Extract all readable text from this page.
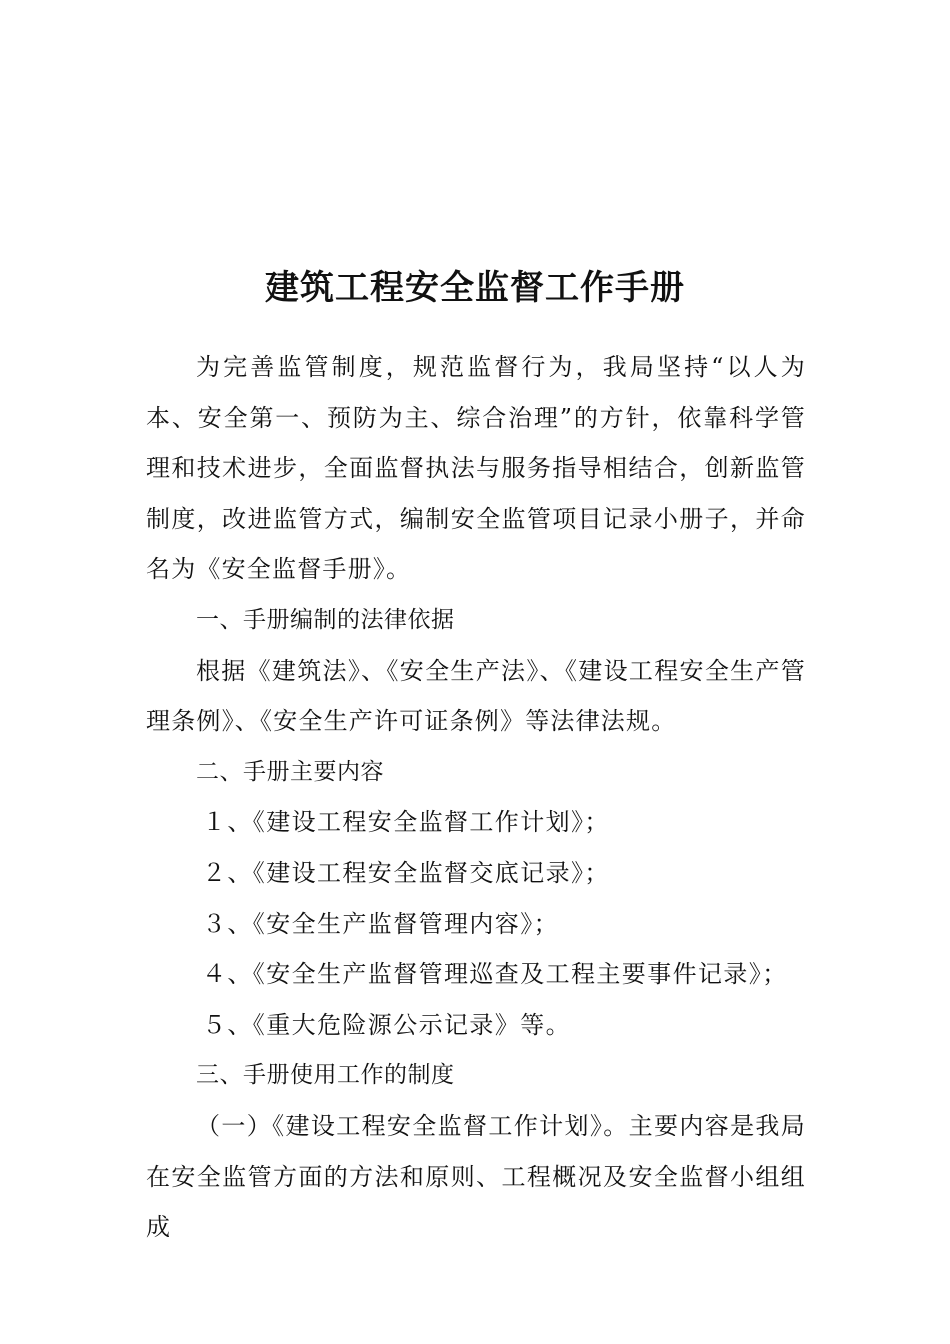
建筑工程安全监督工作手册

为完善监管制度，规范监督行为，我局坚持“以人为本、安全第一、预防为主、综合治理”的方针，依靠科学管理和技术进步，全面监督执法与服务指导相结合，创新监管制度，改进监管方式，编制安全监管项目记录小册子，并命名为《安全监督手册》。

一、手册编制的法律依据

根据《建筑法》、《安全生产法》、《建设工程安全生产管理条例》、《安全生产许可证条例》等法律法规。

二、手册主要内容

１、《建设工程安全监督工作计划》；

２、《建设工程安全监督交底记录》；

３、《安全生产监督管理内容》；

４、《安全生产监督管理巡查及工程主要事件记录》；

５、《重大危险源公示记录》等。

三、手册使用工作的制度

（一）《建设工程安全监督工作计划》。主要内容是我局在安全监管方面的方法和原则、工程概况及安全监督小组组成
